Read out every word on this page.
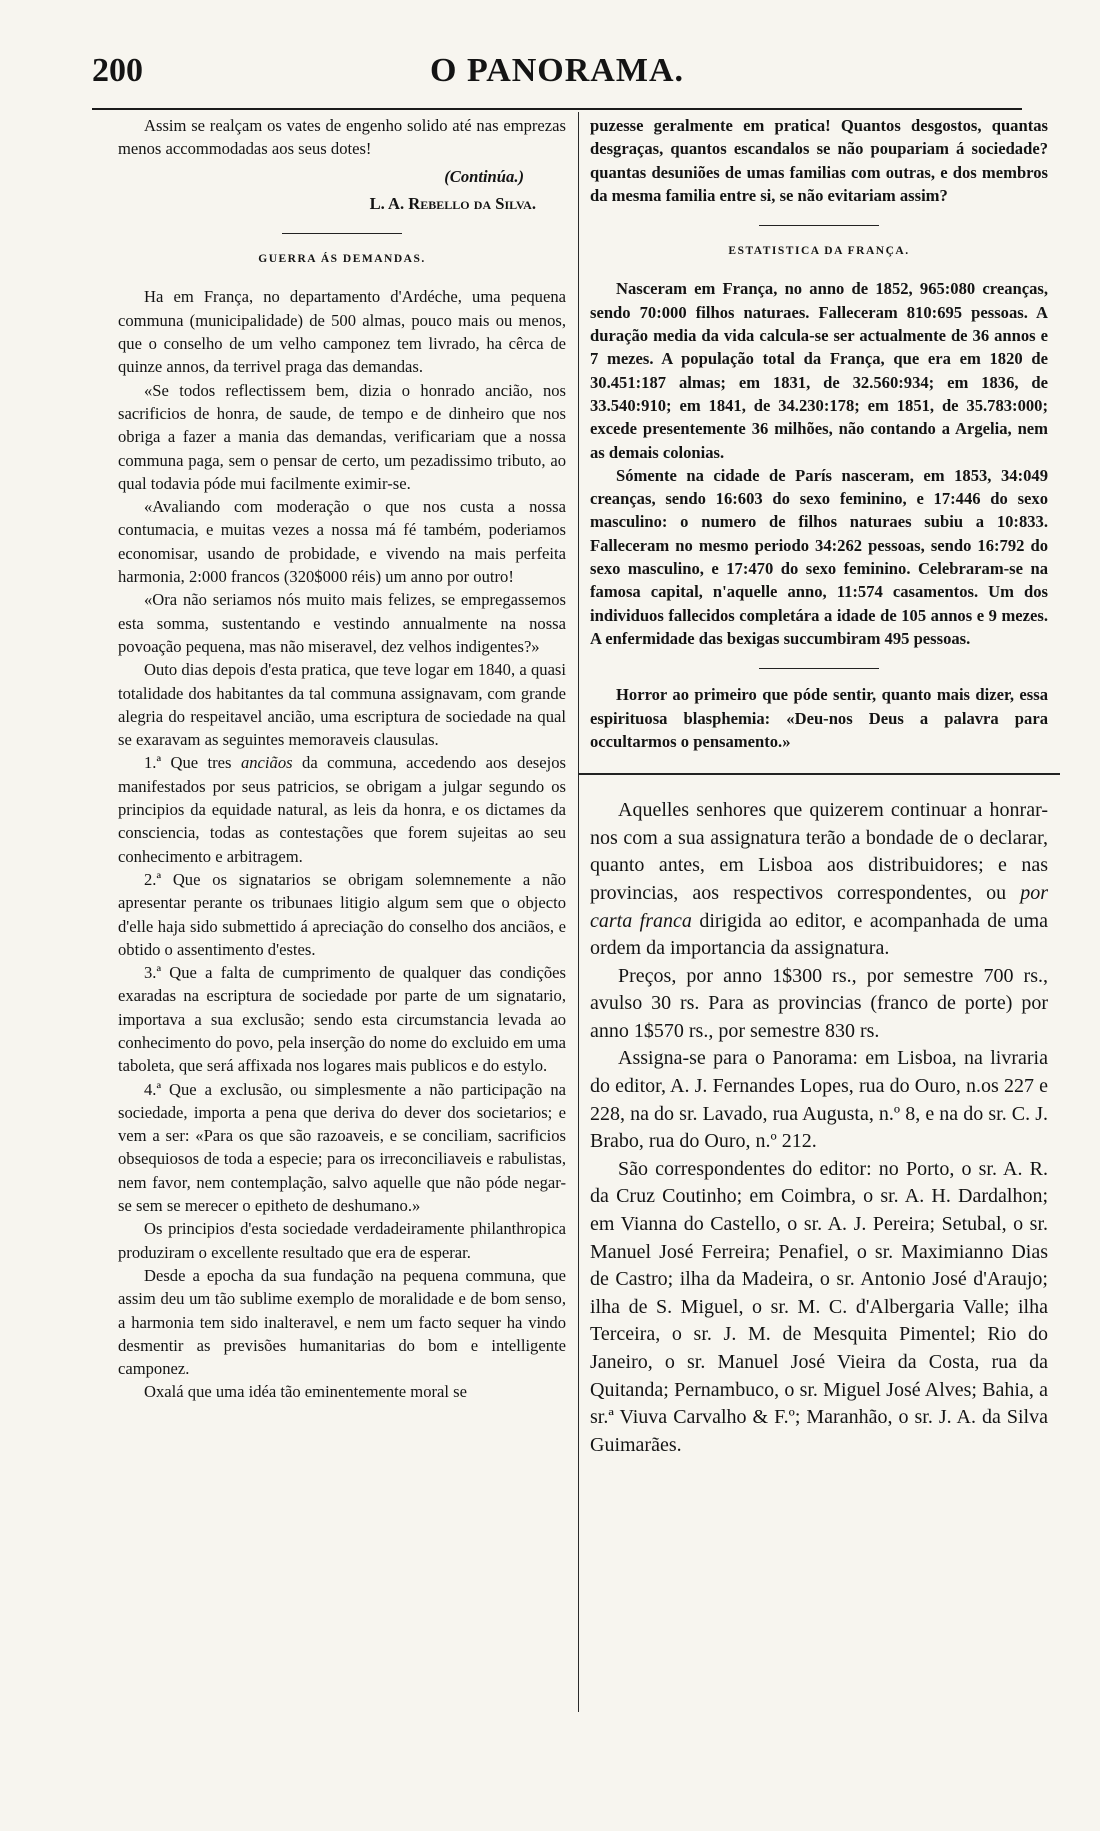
200	O PANORAMA.

Assim se realçam os vates de engenho solido até nas emprezas menos accommodadas aos seus dotes!

(Continúa.)
L. A. Rebello da Silva.
GUERRA ÁS DEMANDAS.

Ha em França, no departamento d'Ardéche, uma pequena communa (municipalidade) de 500 almas, pouco mais ou menos, que o conselho de um velho camponez tem livrado, ha cêrca de quinze annos, da terrivel praga das demandas.

«Se todos reflectissem bem, dizia o honrado ancião, nos sacrificios de honra, de saude, de tempo e de dinheiro que nos obriga a fazer a mania das demandas, verificariam que a nossa communa paga, sem o pensar de certo, um pezadissimo tributo, ao qual todavia póde mui facilmente eximir-se.

«Avaliando com moderação o que nos custa a nossa contumacia, e muitas vezes a nossa má fé também, poderiamos economisar, usando de probidade, e vivendo na mais perfeita harmonia, 2:000 francos (320$000 réis) um anno por outro!

«Ora não seriamos nós muito mais felizes, se empregassemos esta somma, sustentando e vestindo annualmente na nossa povoação pequena, mas não miseravel, dez velhos indigentes?»

Outo dias depois d'esta pratica, que teve logar em 1840, a quasi totalidade dos habitantes da tal communa assignavam, com grande alegria do respeitavel ancião, uma escriptura de sociedade na qual se exaravam as seguintes memoraveis clausulas.

1.ª Que tres anciãos da communa, accedendo aos desejos manifestados por seus patricios, se obrigam a julgar segundo os principios da equidade natural, as leis da honra, e os dictames da consciencia, todas as contestações que forem sujeitas ao seu conhecimento e arbitragem.

2.ª Que os signatarios se obrigam solemnemente a não apresentar perante os tribunaes litigio algum sem que o objecto d'elle haja sido submettido á apreciação do conselho dos anciãos, e obtido o assentimento d'estes.

3.ª Que a falta de cumprimento de qualquer das condições exaradas na escriptura de sociedade por parte de um signatario, importava a sua exclusão; sendo esta circumstancia levada ao conhecimento do povo, pela inserção do nome do excluido em uma taboleta, que será affixada nos logares mais publicos e do estylo.

4.ª Que a exclusão, ou simplesmente a não participação na sociedade, importa a pena que deriva do dever dos societarios; e vem a ser: «Para os que são razoaveis, e se conciliam, sacrificios obsequiosos de toda a especie; para os irreconciliaveis e rabulistas, nem favor, nem contemplação, salvo aquelle que não póde negar-se sem se merecer o epitheto de deshumano.»

Os principios d'esta sociedade verdadeiramente philanthropica produziram o excellente resultado que era de esperar.

Desde a epocha da sua fundação na pequena communa, que assim deu um tão sublime exemplo de moralidade e de bom senso, a harmonia tem sido inalteravel, e nem um facto sequer ha vindo desmentir as previsões humanitarias do bom e intelligente camponez.

Oxalá que uma idéa tão eminentemente moral se

puzesse geralmente em pratica! Quantos desgostos, quantas desgraças, quantos escandalos se não poupariam á sociedade? quantas desuniões de umas familias com outras, e dos membros da mesma familia entre si, se não evitariam assim?

ESTATISTICA DA FRANÇA.

Nasceram em França, no anno de 1852, 965:080 creanças, sendo 70:000 filhos naturaes. Falleceram 810:695 pessoas. A duração media da vida calcula-se ser actualmente de 36 annos e 7 mezes. A população total da França, que era em 1820 de 30.451:187 almas; em 1831, de 32.560:934; em 1836, de 33.540:910; em 1841, de 34.230:178; em 1851, de 35.783:000; excede presentemente 36 milhões, não contando a Argelia, nem as demais colonias.

Sómente na cidade de París nasceram, em 1853, 34:049 creanças, sendo 16:603 do sexo feminino, e 17:446 do sexo masculino: o numero de filhos naturaes subiu a 10:833. Falleceram no mesmo periodo 34:262 pessoas, sendo 16:792 do sexo masculino, e 17:470 do sexo feminino. Celebraram-se na famosa capital, n'aquelle anno, 11:574 casamentos. Um dos individuos fallecidos completára a idade de 105 annos e 9 mezes. A enfermidade das bexigas succumbiram 495 pessoas.

Horror ao primeiro que póde sentir, quanto mais dizer, essa espirituosa blasphemia: «Deu-nos Deus a palavra para occultarmos o pensamento.»

Aquelles senhores que quizerem continuar a honrar-nos com a sua assignatura terão a bondade de o declarar, quanto antes, em Lisboa aos distribuidores; e nas provincias, aos respectivos correspondentes, ou por carta franca dirigida ao editor, e acompanhada de uma ordem da importancia da assignatura.

Preços, por anno 1$300 rs., por semestre 700 rs., avulso 30 rs. Para as provincias (franco de porte) por anno 1$570 rs., por semestre 830 rs.

Assigna-se para o Panorama: em Lisboa, na livraria do editor, A. J. Fernandes Lopes, rua do Ouro, n.os 227 e 228, na do sr. Lavado, rua Augusta, n.º 8, e na do sr. C. J. Brabo, rua do Ouro, n.º 212.

São correspondentes do editor: no Porto, o sr. A. R. da Cruz Coutinho; em Coimbra, o sr. A. H. Dardalhon; em Vianna do Castello, o sr. A. J. Pereira; Setubal, o sr. Manuel José Ferreira; Penafiel, o sr. Maximianno Dias de Castro; ilha da Madeira, o sr. Antonio José d'Araujo; ilha de S. Miguel, o sr. M. C. d'Albergaria Valle; ilha Terceira, o sr. J. M. de Mesquita Pimentel; Rio do Janeiro, o sr. Manuel José Vieira da Costa, rua da Quitanda; Pernambuco, o sr. Miguel José Alves; Bahia, a sr.ª Viuva Carvalho & F.º; Maranhão, o sr. J. A. da Silva Guimarães.
